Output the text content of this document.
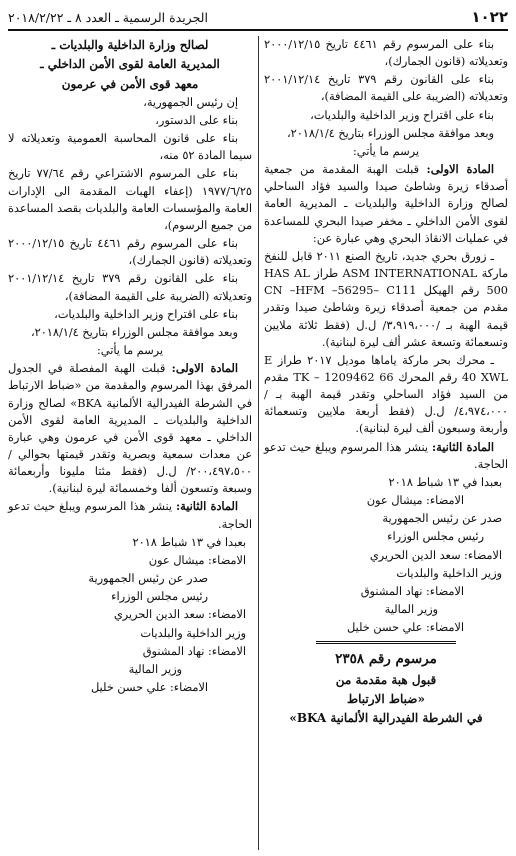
١٠٢٢
الجريدة الرسمية ـ العدد ٨ ـ ٢٠١٨/٢/٢٢

بناء على المرسوم رقم ٤٤٦١ تاريخ ٢٠٠٠/١٢/١٥ وتعديلاته (قانون الجمارك)،

بناء على القانون رقم ٣٧٩ تاريخ ٢٠٠١/١٢/١٤ وتعديلاته (الضريبة على القيمة المضافة)،

بناء على اقتراح وزير الداخلية والبلديات،

وبعد موافقة مجلس الوزراء بتاريخ ٢٠١٨/١/٤،

يرسم ما يأتي:

المادة الاولى: قبلت الهبة المقدمة من جمعية أصدقاء زيرة وشاطئ صيدا والسيد فؤاد الساحلي لصالح وزارة الداخلية والبلديات ـ المديرية العامة لقوى الأمن الداخلي ـ مخفر صيدا البحري للمساعدة في عمليات الانقاذ البحري وهي عبارة عن:

ـ زورق بحري جديد، تاريخ الصنع ٢٠١١ قابل للنفخ ماركة ASM INTERNATIONAL طراز HAS AL 500 رقم الهيكل CN –HFM –56295– C111 مقدم من جمعية أصدقاء زيرة وشاطئ صيدا وتقدر قيمة الهبة بـ /٣،٩١٩،٠٠٠/ ل.ل (فقط ثلاثة ملايين وتسعمائة وتسعة عشر ألف ليرة لبنانية).

ـ محرك بحر ماركة ياماها موديل ٢٠١٧ طراز E 40 XWL رقم المحرك 66 TK – 1209462 مقدم من السيد فؤاد الساحلي وتقدر قيمة الهبة بـ /٤،٩٧٤،٠٠٠/ ل.ل (فقط أربعة ملايين وتسعمائة وأربعة وسبعون ألف ليرة لبنانية).

المادة الثانية: ينشر هذا المرسوم ويبلغ حيث تدعو الحاجة.

بعبدا في ١٣ شباط ٢٠١٨

الامضاء: ميشال عون

صدر عن رئيس الجمهورية

رئيس مجلس الوزراء

الامضاء: سعد الدين الحريري

وزير الداخلية والبلديات

الامضاء: نهاد المشنوق

وزير المالية

الامضاء: علي حسن خليل

مرسوم رقم ٢٣٥٨

قبول هبة مقدمة من

«ضباط الارتباط

في الشرطة الفيدرالية الألمانية BKA»

لصالح وزارة الداخلية والبلديات ـ

المديرية العامة لقوى الأمن الداخلي ـ

معهد قوى الأمن في عرمون

إن رئيس الجمهورية،

بناء على الدستور،

بناء على قانون المحاسبة العمومية وتعديلاته لا سيما المادة ٥٢ منه،

بناء على المرسوم الاشتراعي رقم ٧٧/٦٤ تاريخ ١٩٧٧/٦/٢٥ (إعفاء الهبات المقدمة الى الإدارات العامة والمؤسسات العامة والبلديات بقصد المساعدة من جميع الرسوم)،

بناء على المرسوم رقم ٤٤٦١ تاريخ ٢٠٠٠/١٢/١٥ وتعديلاته (قانون الجمارك)،

بناء على القانون رقم ٣٧٩ تاريخ ٢٠٠١/١٢/١٤ وتعديلاته (الضريبة على القيمة المضافة)،

بناء على اقتراح وزير الداخلية والبلديات،

وبعد موافقة مجلس الوزراء بتاريخ ٢٠١٨/١/٤،

يرسم ما يأتي:

المادة الاولى: قبلت الهبة المفصلة في الجدول المرفق بهذا المرسوم والمقدمة من «ضباط الارتباط في الشرطة الفيدرالية الألمانية BKA» لصالح وزارة الداخلية والبلديات ـ المديرية العامة لقوى الأمن الداخلي ـ معهد قوى الأمن في عرمون وهي عبارة عن معدات سمعية وبصرية وتقدر قيمتها بحوالي /٢٠٠،٤٩٧،٥٠٠/ ل.ل (فقط مئتا مليونا وأربعمائة وسبعة وتسعون ألفا وخمسمائة ليرة لبنانية).

المادة الثانية: ينشر هذا المرسوم ويبلغ حيث تدعو الحاجة.

بعبدا في ١٣ شباط ٢٠١٨

الامضاء: ميشال عون

صدر عن رئيس الجمهورية

رئيس مجلس الوزراء

الامضاء: سعد الدين الحريري

وزير الداخلية والبلديات

الامضاء: نهاد المشنوق

وزير المالية

الامضاء: علي حسن خليل
